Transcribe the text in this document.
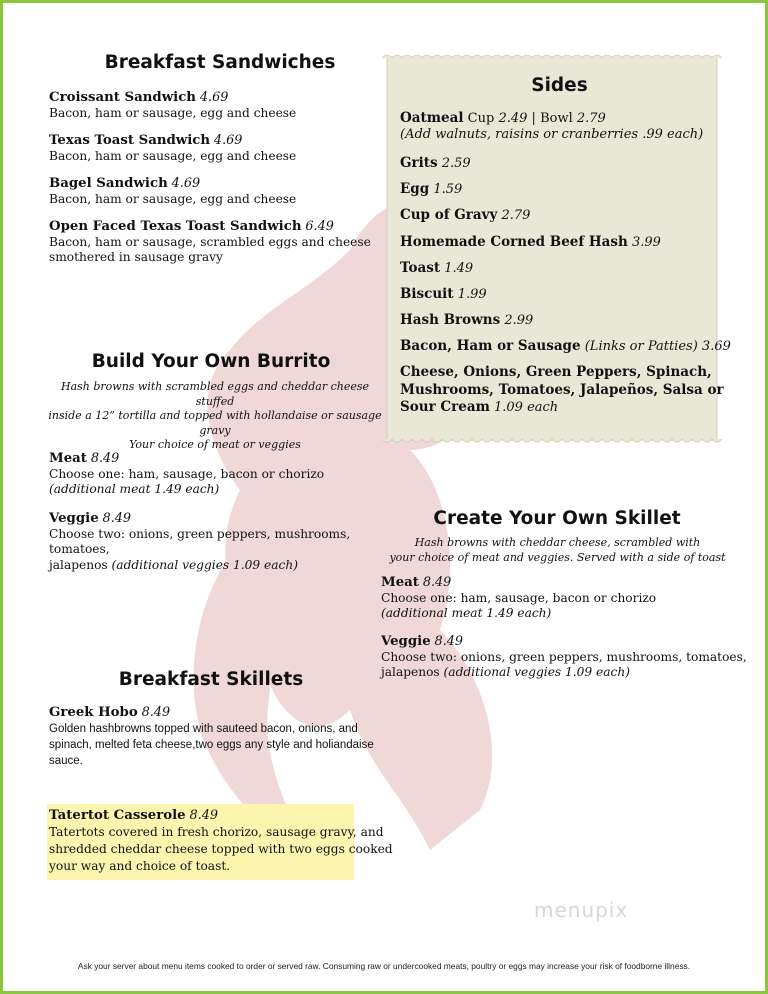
Breakfast Sandwiches
Croissant Sandwich 4.69
Bacon, ham or sausage, egg and cheese
Texas Toast Sandwich 4.69
Bacon, ham or sausage, egg and cheese
Bagel Sandwich 4.69
Bacon, ham or sausage, egg and cheese
Open Faced Texas Toast Sandwich 6.49
Bacon, ham or sausage, scrambled eggs and cheese
smothered in sausage gravy
Sides
Oatmeal Cup 2.49 | Bowl 2.79
(Add walnuts, raisins or cranberries .99 each)
Grits 2.59
Egg 1.59
Cup of Gravy 2.79
Homemade Corned Beef Hash 3.99
Toast 1.49
Biscuit 1.99
Hash Browns 2.99
Bacon, Ham or Sausage (Links or Patties) 3.69
Cheese, Onions, Green Peppers, Spinach,
Mushrooms, Tomatoes, Jalapeños, Salsa or
Sour Cream 1.09 each
Build Your Own Burrito
Hash browns with scrambled eggs and cheddar cheese stuffed
inside a 12” tortilla and topped with hollandaise or sausage
gravy
Your choice of meat or veggies
Meat 8.49
Choose one: ham, sausage, bacon or chorizo
(additional meat 1.49 each)
Veggie 8.49
Choose two: onions, green peppers, mushrooms,
tomatoes,
jalapenos (additional veggies 1.09 each)
Create Your Own Skillet
Hash browns with cheddar cheese, scrambled with
your choice of meat and veggies. Served with a side of toast
Meat 8.49
Choose one: ham, sausage, bacon or chorizo
(additional meat 1.49 each)
Veggie 8.49
Choose two: onions, green peppers, mushrooms, tomatoes,
jalapenos (additional veggies 1.09 each)
Breakfast Skillets
Greek Hobo 8.49
Golden hashbrowns topped with sauteed bacon, onions, and
spinach, melted feta cheese,two eggs any style and holiandaise
sauce.
Tatertot Casserole 8.49
Tatertots covered in fresh chorizo, sausage gravy, and
shredded cheddar cheese topped with two eggs cooked
your way and choice of toast.
menupix
Ask your server about menu items cooked to order or served raw. Consuming raw or undercooked meats, poultry or eggs may increase your risk of foodborne illness.
